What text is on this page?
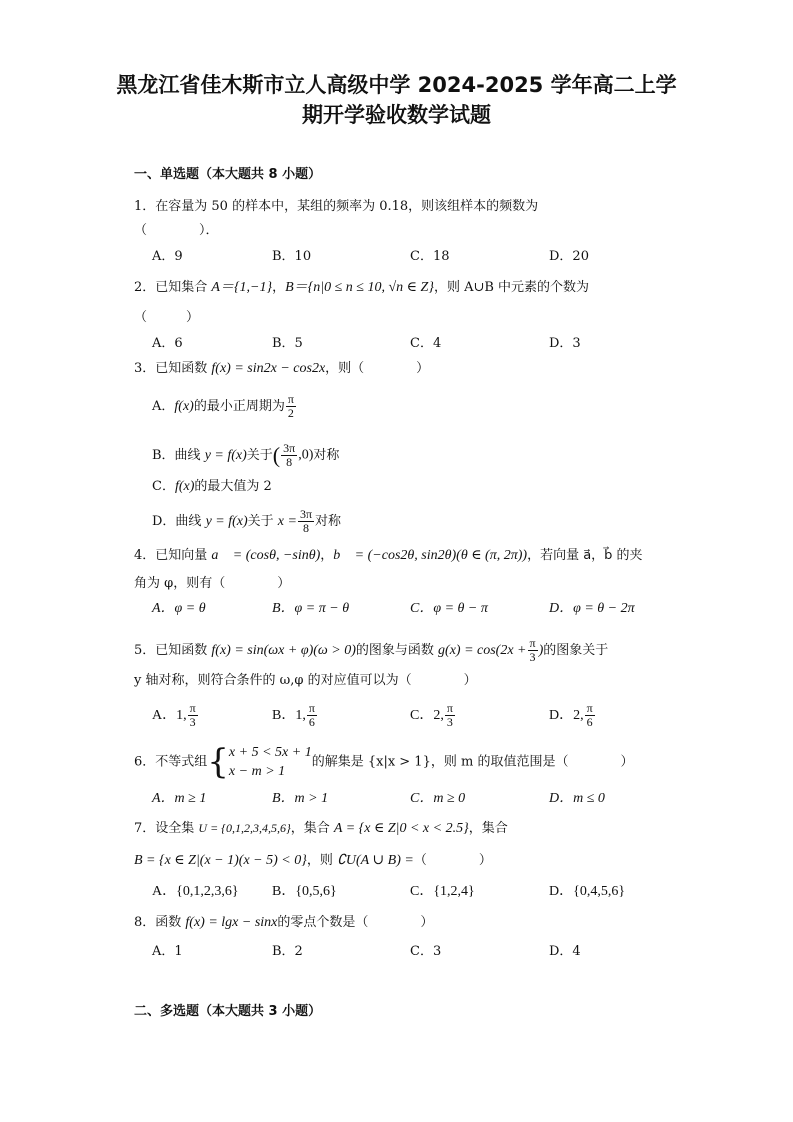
黑龙江省佳木斯市立人高级中学 2024-2025 学年高二上学
期开学验收数学试题
一、单选题（本大题共 8 小题）
1．在容量为 50 的样本中，某组的频率为 0.18，则该组样本的频数为
（　　　　）．
A．9	B．10	C．18	D．20
2．已知集合 A＝{1,−1}，B＝{n|0 ≤ n ≤ 10, √n ∈ Z}，则 A∪B 中元素的个数为
（　　　）
A．6	B．5	C．4	D．3
3．已知函数 f(x) = sin2x − cos2x，则（　　　　）
A．f(x)的最小正周期为 $\frac{\pi}{2}$
B．曲线 y = f(x)关于( $\frac{3\pi}{8} ,0$)对称
C．f(x)的最大值为 2
D．曲线 y = f(x)关于 $x = \frac{3\pi}{8}$ 对称
4．已知向量 a⃗ = (cosθ, −sinθ)，b⃗ = (−cos2θ, sin2θ)(θ ∈ (π, 2π))，若向量 a⃗，b⃗ 的夹
角为 φ，则有（　　　　）
A．φ = θ	B．φ = π − θ	C．φ = θ − π	D．φ = θ − 2π
5．已知函数 f(x) = sin(ωx + φ)(ω > 0)的图象与函数 $g(x) = \cos(2x + \frac{\pi}{3}$ )的图象关于
y 轴对称，则符合条件的 ω,φ 的对应值可以为（　　　　）
A．1, $\frac{\pi}{3}$	B．1, $\frac{\pi}{6}$	C．2, $\frac{\pi}{3}$	D．2, $\frac{\pi}{6}$
6．不等式组{ x + 5 < 5x + 1
x − m > 1
的解集是 {x|x > 1}，则 m 的取值范围是（　　　　）
A．m ≥ 1	B．m > 1	C．m ≥ 0	D．m ≤ 0
7．设全集 U = {0,1,2,3,4,5,6}，集合 A = {x ∈ Z|0 < x < 2.5}，集合
B = {x ∈ Z|(x − 1)(x − 5) < 0}，则 ∁U(A ∪ B) =（　　　　）
A．{0,1,2,3,6} B．{0,5,6}	C．{1,2,4}	D．{0,4,5,6}
8．函数 f(x) = lgx − sinx的零点个数是（　　　　）
A．1	B．2	C．3	D．4
二、多选题（本大题共 3 小题）
